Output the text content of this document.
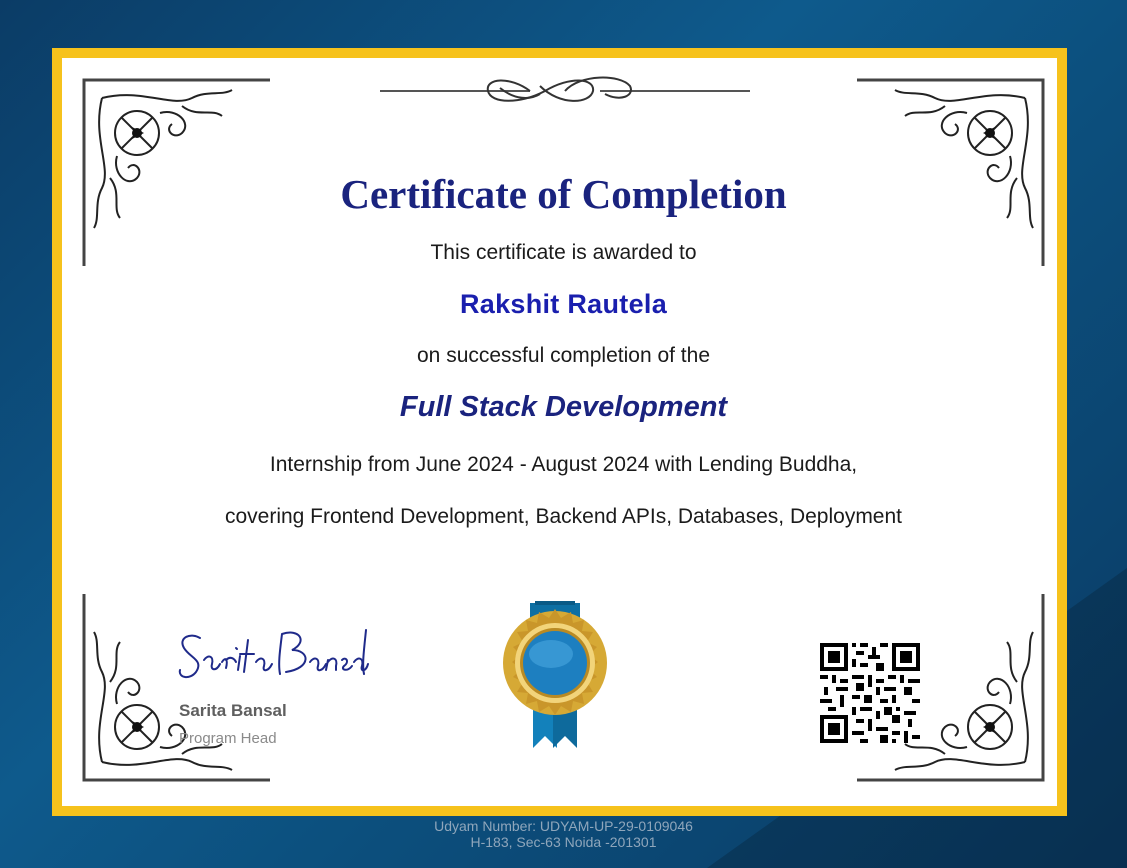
Certificate of Completion
This certificate is awarded to
Rakshit Rautela
on successful completion of the
Full Stack Development
Internship from June 2024 - August 2024 with Lending Buddha,
covering Frontend Development, Backend APIs, Databases, Deployment
Sarita Bansal
Program Head
Udyam Number: UDYAM-UP-29-0109046
H-183, Sec-63 Noida -201301
